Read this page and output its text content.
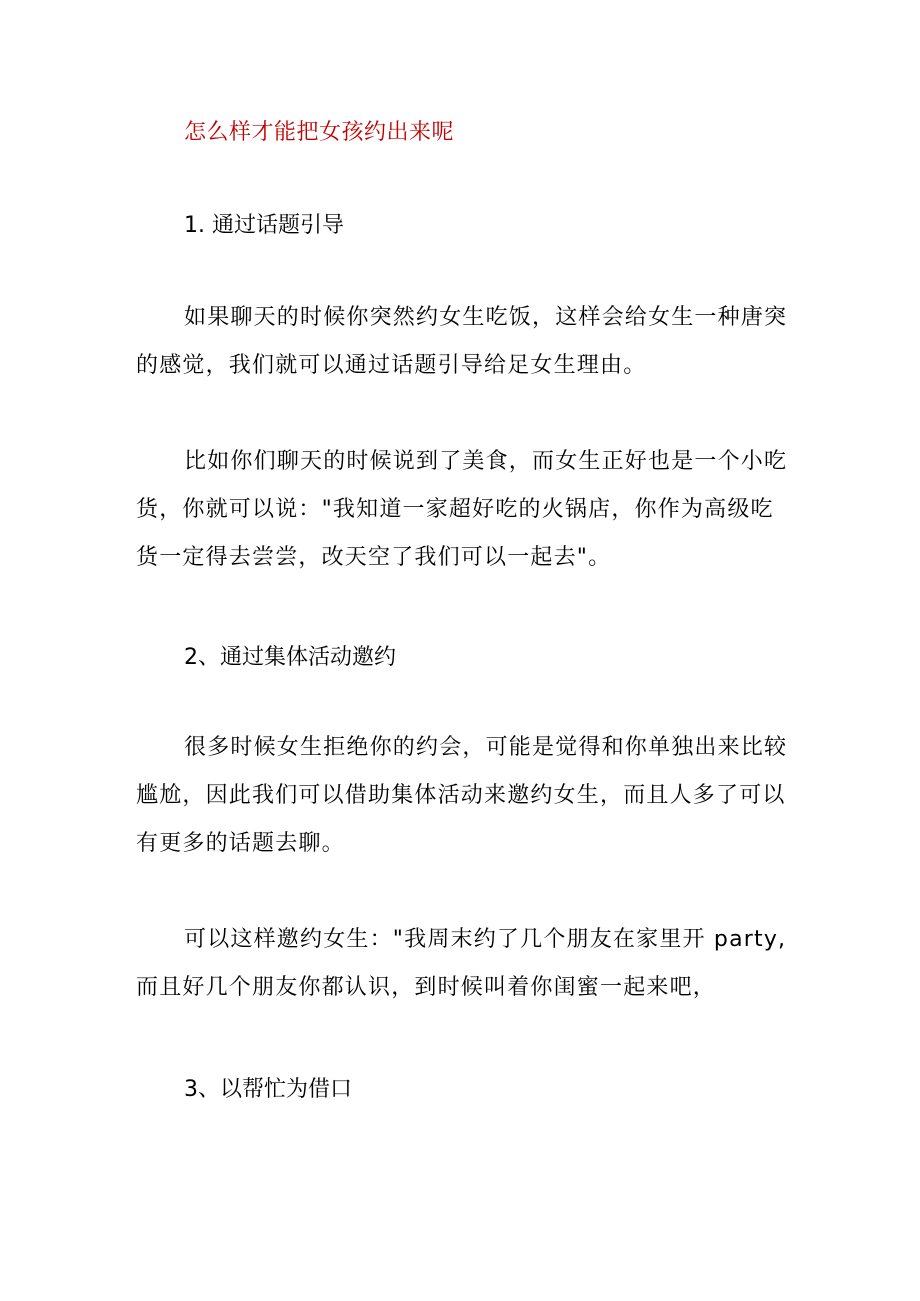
怎么样才能把女孩约出来呢
1. 通过话题引导
如果聊天的时候你突然约女生吃饭，这样会给女生一种唐突的感觉，我们就可以通过话题引导给足女生理由。
比如你们聊天的时候说到了美食，而女生正好也是一个小吃货，你就可以说："我知道一家超好吃的火锅店，你作为高级吃货一定得去尝尝，改天空了我们可以一起去"。
2、通过集体活动邀约
很多时候女生拒绝你的约会，可能是觉得和你单独出来比较尴尬，因此我们可以借助集体活动来邀约女生，而且人多了可以有更多的话题去聊。
可以这样邀约女生："我周末约了几个朋友在家里开 party,而且好几个朋友你都认识，到时候叫着你闺蜜一起来吧，
3、以帮忙为借口
